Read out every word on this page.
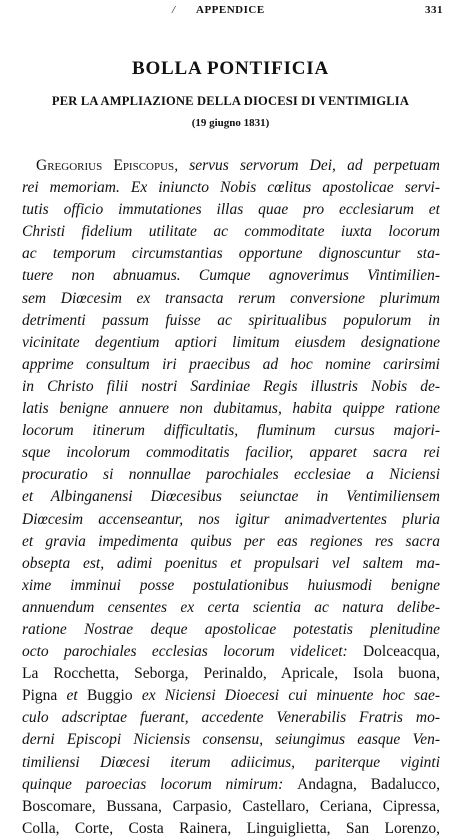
/ APPENDICE	331
BOLLA PONTIFICIA
PER LA AMPLIAZIONE DELLA DIOCESI DI VENTIMIGLIA
(19 giugno 1831)
Gregorius Episcopus, servus servorum Dei, ad perpetuam
rei memoriam. Ex iniuncto Nobis cœlitus apostolicae servi-
tutis officio immutationes illas quae pro ecclesiarum et
Christi fidelium utilitate ac commoditate iuxta locorum
ac temporum circumstantias opportune dignoscuntur sta-
tuere non abnuamus. Cumque agnoverimus Vintimilien-
sem Diœcesim ex transacta rerum conversione plurimum
detrimenti passum fuisse ac spiritualibus populorum in
vicinitate degentium aptiori limitum eiusdem designatione
apprime consultum iri praecibus ad hoc nomine carirsimi
in Christo filii nostri Sardiniae Regis illustris Nobis de-
latis benigne annuere non dubitamus, habita quippe ratione
locorum itinerum difficultatis, fluminum cursus majori-
sque incolorum commoditatis facilior, apparet sacra rei
procuratio si nonnullae parochiales ecclesiae a Niciensi
et Albinganensi Diœcesibus seiunctae in Ventimiliensem
Diœcesim accenseantur, nos igitur animadvertentes pluria
et gravia impedimenta quibus per eas regiones res sacra
obsepta est, adimi poenitus et propulsari vel saltem ma-
xime imminui posse postulationibus huiusmodi benigne
annuendum censentes ex certa scientia ac natura delibe-
ratione Nostrae deque apostolicae potestatis plenitudine
octo parochiales ecclesias locorum videlicet: Dolceacqua,
La Rocchetta, Seborga, Perinaldo, Apricale, Isola buona,
Pigna et Buggio ex Niciensi Dioecesi cui minuente hoc sae-
culo adscriptae fuerant, accedente Venerabilis Fratris mo-
derni Episcopi Niciensis consensu, seiungimus easque Ven-
timiliensi Diœcesi iterum adiicimus, pariterque viginti
quinque paroecias locorum nimirum: Andagna, Badalucco,
Boscomare, Bussana, Carpasio, Castellaro, Ceriana, Cipressa,
Colla, Corte, Costa Rainera, Linguiglietta, San Lorenzo,
